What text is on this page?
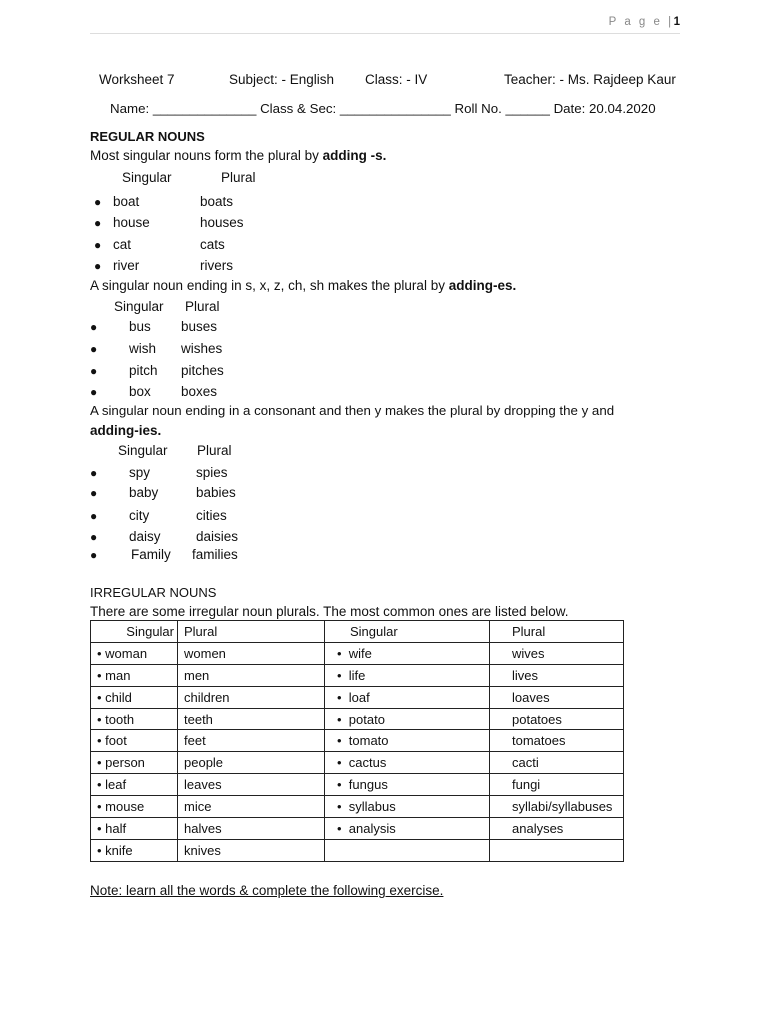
P a g e |1
Worksheet 7	Subject: - English Class: - IV	Teacher: - Ms. Rajdeep Kaur
Name: ______________ Class & Sec: _______________ Roll No. ______ Date: 20.04.2020
REGULAR NOUNS
Most singular nouns form the plural by adding -s.
Singular	Plural
● boat	boats
● house	houses
● cat	cats
● river	rivers
A singular noun ending in s, x, z, ch, sh makes the plural by adding-es.
Singular Plural
● bus buses
● wish wishes
● pitch pitches
● box boxes
A singular noun ending in a consonant and then y makes the plural by dropping the y and
adding-ies.
Singular Plural
● spy	spies
● baby	babies
● city	cities
● daisy	daisies
●	Family families
IRREGULAR NOUNS
There are some irregular noun plurals. The most common ones are listed below.
Singular	Plural	Singular	Plural
• woman	women	•  wife	wives
• man	men	•  life	lives
• child	children	•  loaf	loaves
• tooth	teeth	•  potato	potatoes
• foot	feet	•  tomato	tomatoes
• person	people	•  cactus	cacti
• leaf	leaves	•  fungus	fungi
• mouse	mice	•  syllabus	syllabi/syllabuses
• half	halves	•  analysis	analyses
• knife	knives		
Note: learn all the words & complete the following exercise.
